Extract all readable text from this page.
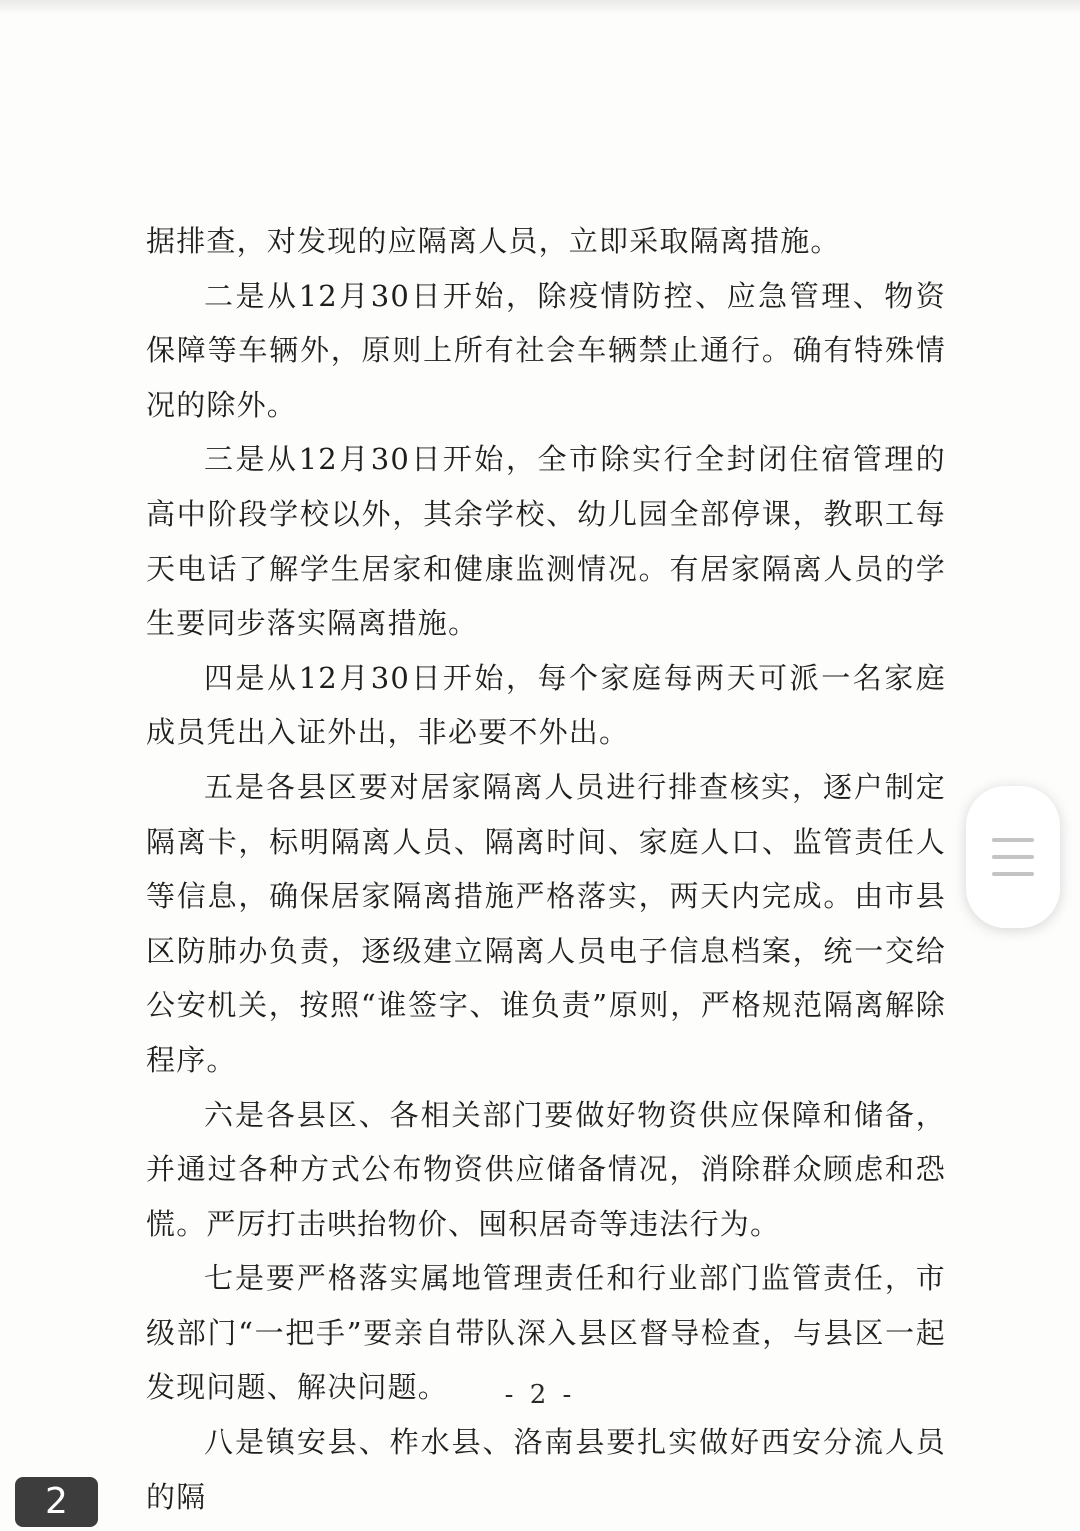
据排查，对发现的应隔离人员，立即采取隔离措施。

二是从12月30日开始，除疫情防控、应急管理、物资保障等车辆外，原则上所有社会车辆禁止通行。确有特殊情况的除外。

三是从12月30日开始，全市除实行全封闭住宿管理的高中阶段学校以外，其余学校、幼儿园全部停课，教职工每天电话了解学生居家和健康监测情况。有居家隔离人员的学生要同步落实隔离措施。

四是从12月30日开始，每个家庭每两天可派一名家庭成员凭出入证外出，非必要不外出。

五是各县区要对居家隔离人员进行排查核实，逐户制定隔离卡，标明隔离人员、隔离时间、家庭人口、监管责任人等信息，确保居家隔离措施严格落实，两天内完成。由市县区防肺办负责，逐级建立隔离人员电子信息档案，统一交给公安机关，按照“谁签字、谁负责”原则，严格规范隔离解除程序。

六是各县区、各相关部门要做好物资供应保障和储备，并通过各种方式公布物资供应储备情况，消除群众顾虑和恐慌。严厉打击哄抬物价、囤积居奇等违法行为。

七是要严格落实属地管理责任和行业部门监管责任，市级部门“一把手”要亲自带队深入县区督导检查，与县区一起发现问题、解决问题。

八是镇安县、柞水县、洛南县要扎实做好西安分流人员的隔

- 2 -
2
